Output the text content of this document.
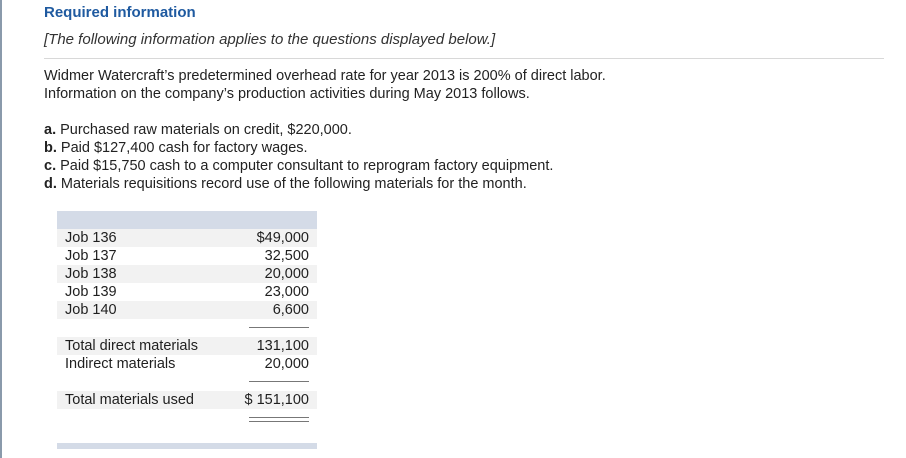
Required information
[The following information applies to the questions displayed below.]
Widmer Watercraft’s predetermined overhead rate for year 2013 is 200% of direct labor.
Information on the company’s production activities during May 2013 follows.
a. Purchased raw materials on credit, $220,000.
b. Paid $127,400 cash for factory wages.
c. Paid $15,750 cash to a computer consultant to reprogram factory equipment.
d. Materials requisitions record use of the following materials for the month.
Job 136	$49,000
Job 137	32,500
Job 138	20,000
Job 139	23,000
Job 140	6,600
Total direct materials	131,100
Indirect materials	20,000
Total materials used	$ 151,100
